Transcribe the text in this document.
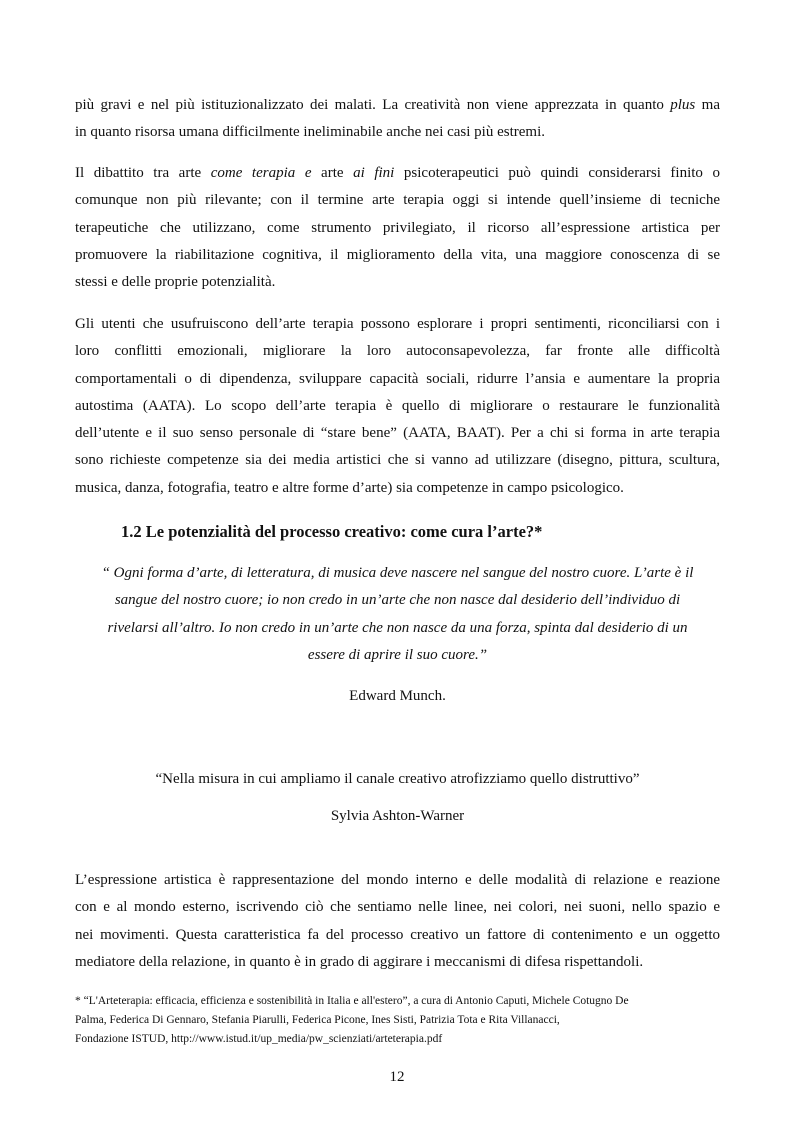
più gravi e nel più istituzionalizzato dei malati. La creatività non viene apprezzata in quanto plus ma
in quanto risorsa umana difficilmente ineliminabile anche nei casi più estremi.

Il dibattito tra arte come terapia e arte ai fini psicoterapeutici può quindi considerarsi finito o
comunque non più rilevante; con il termine arte terapia oggi si intende quell’insieme di tecniche
terapeutiche che utilizzano, come strumento privilegiato, il ricorso all’espressione artistica per
promuovere la riabilitazione cognitiva, il miglioramento della vita, una maggiore conoscenza di se
stessi e delle proprie potenzialità.

Gli utenti che usufruiscono dell’arte terapia possono esplorare i propri sentimenti, riconciliarsi con i
loro conflitti emozionali, migliorare la loro autoconsapevolezza, far fronte alle difficoltà
comportamentali o di dipendenza, sviluppare capacità sociali, ridurre l’ansia e aumentare la propria
autostima (AATA). Lo scopo dell’arte terapia è quello di migliorare o restaurare le funzionalità
dell’utente e il suo senso personale di “stare bene” (AATA, BAAT). Per a chi si forma in arte terapia
sono richieste competenze sia dei media artistici che si vanno ad utilizzare (disegno, pittura, scultura,
musica, danza, fotografia, teatro e altre forme d’arte) sia competenze in campo psicologico.

1.2 Le potenzialità del processo creativo: come cura l’arte?*

“ Ogni forma d’arte, di letteratura, di musica deve nascere nel sangue del nostro cuore. L’arte è il
sangue del nostro cuore; io non credo in un’arte che non nasce dal desiderio dell’individuo di
rivelarsi all’altro. Io non credo in un’arte che non nasce da una forza, spinta dal desiderio di un
essere di aprire il suo cuore.”

Edward Munch.

“Nella misura in cui ampliamo il canale creativo atrofizziamo quello distruttivo”

Sylvia Ashton-Warner

L’espressione artistica è rappresentazione del mondo interno e delle modalità di relazione e reazione
con e al mondo esterno, iscrivendo ciò che sentiamo nelle linee, nei colori, nei suoni, nello spazio e
nei movimenti. Questa caratteristica fa del processo creativo un fattore di contenimento e un oggetto
mediatore della relazione, in quanto è in grado di aggirare i meccanismi di difesa rispettandoli.

* “L'Arteterapia: efficacia, efficienza e sostenibilità in Italia e all'estero”, a cura di Antonio Caputi, Michele Cotugno De
Palma, Federica Di Gennaro, Stefania Piarulli, Federica Picone, Ines Sisti, Patrizia Tota e Rita Villanacci,
Fondazione ISTUD, http://www.istud.it/up_media/pw_scienziati/arteterapia.pdf

12
